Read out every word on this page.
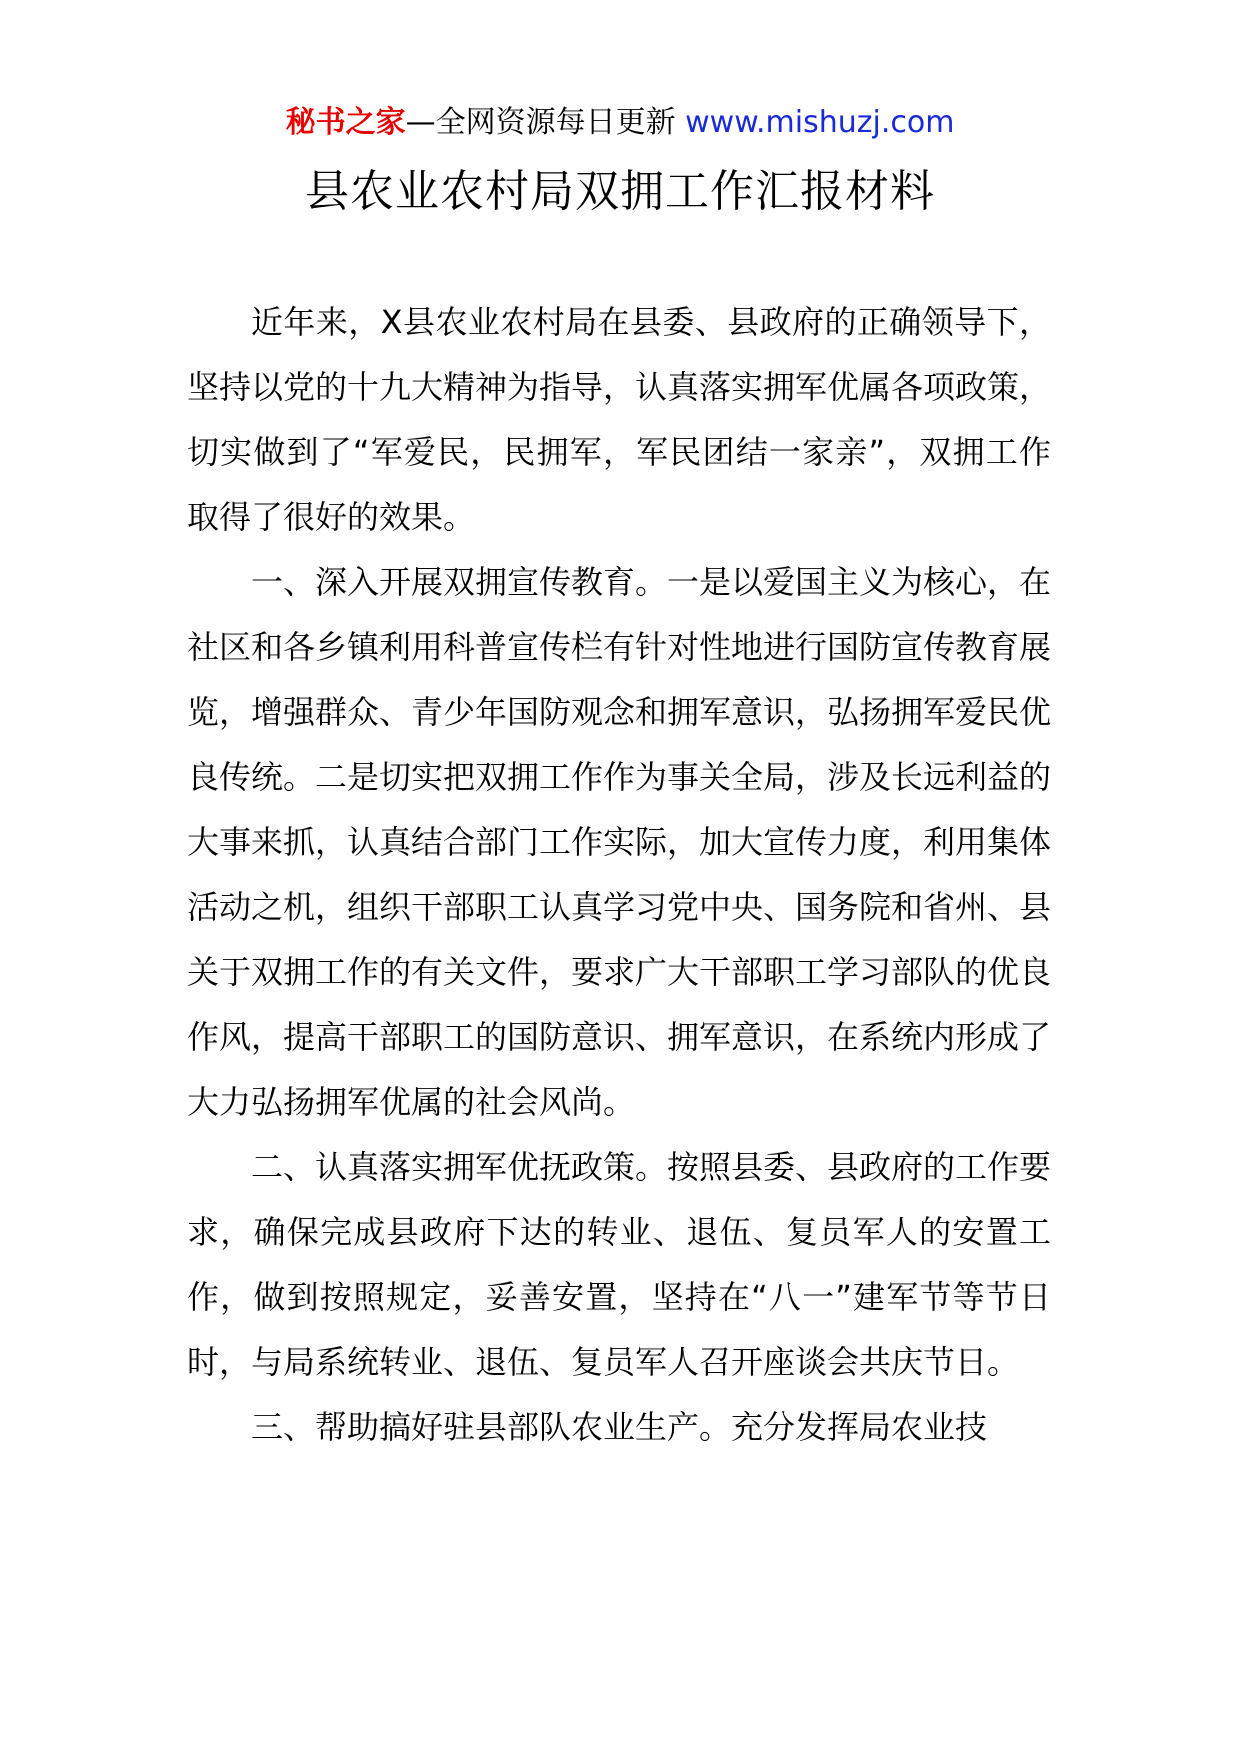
秘书之家—全网资源每日更新 www.mishuzj.com
县农业农村局双拥工作汇报材料

近年来，X县农业农村局在县委、县政府的正确领导下，坚持以党的十九大精神为指导，认真落实拥军优属各项政策，切实做到了“军爱民，民拥军，军民团结一家亲”，双拥工作取得了很好的效果。

一、深入开展双拥宣传教育。一是以爱国主义为核心，在社区和各乡镇利用科普宣传栏有针对性地进行国防宣传教育展览，增强群众、青少年国防观念和拥军意识，弘扬拥军爱民优良传统。二是切实把双拥工作作为事关全局，涉及长远利益的大事来抓，认真结合部门工作实际，加大宣传力度，利用集体活动之机，组织干部职工认真学习党中央、国务院和省州、县关于双拥工作的有关文件，要求广大干部职工学习部队的优良作风，提高干部职工的国防意识、拥军意识，在系统内形成了大力弘扬拥军优属的社会风尚。

二、认真落实拥军优抚政策。按照县委、县政府的工作要求，确保完成县政府下达的转业、退伍、复员军人的安置工作，做到按照规定，妥善安置，坚持在“八一”建军节等节日时，与局系统转业、退伍、复员军人召开座谈会共庆节日。

三、帮助搞好驻县部队农业生产。充分发挥局农业技
